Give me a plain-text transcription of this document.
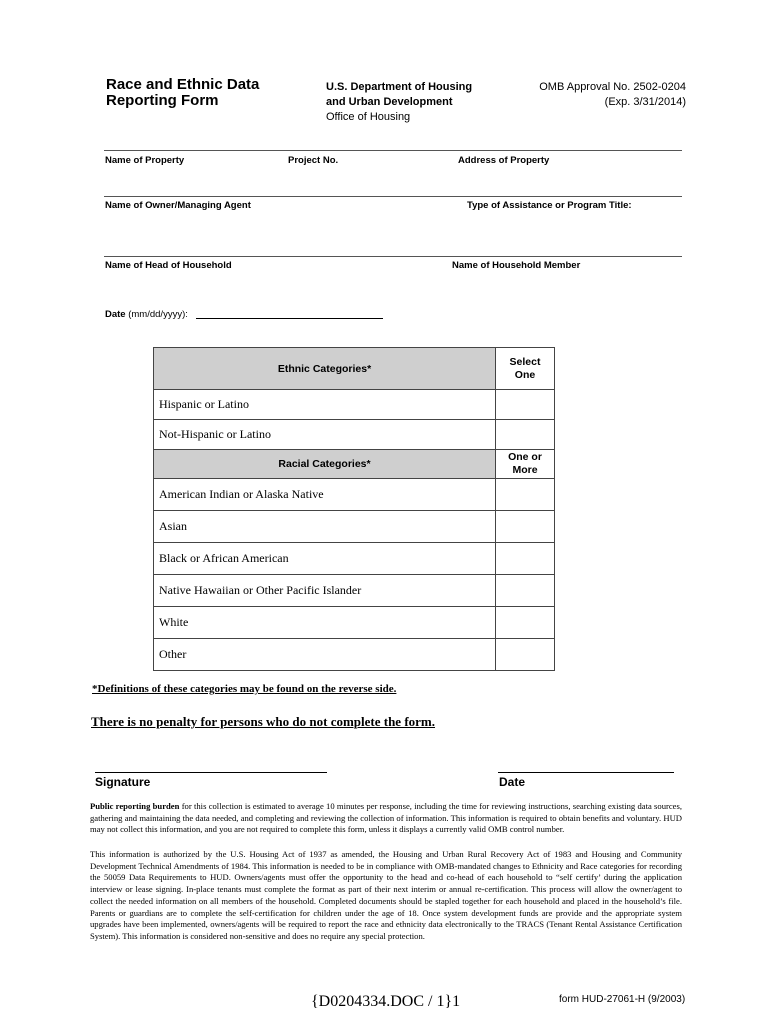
Race and Ethnic Data
Reporting Form
U.S. Department of Housing
and Urban Development
Office of Housing
OMB Approval No. 2502-0204
(Exp. 3/31/2014)
Name of Property	Project No.	Address of Property
Name of Owner/Managing Agent	Type of Assistance or Program Title:
Name of Head of Household	Name of Household Member
Date (mm/dd/yyyy):
Ethnic Categories*	Select
One

Hispanic or Latino	
Not-Hispanic or Latino	
Racial Categories*	One or
More

American Indian or Alaska Native	
Asian	
Black or African American	
Native Hawaiian or Other Pacific Islander	
White	
Other	
*Definitions of these categories may be found on the reverse side.
There is no penalty for persons who do not complete the form.
Signature	Date
Public reporting burden for this collection is estimated to average 10 minutes per response, including the time for reviewing instructions, searching existing data sources, gathering and maintaining the data needed, and completing and reviewing the collection of information. This information is required to obtain benefits and voluntary. HUD may not collect this information, and you are not required to complete this form, unless it displays a currently valid OMB control number.
This information is authorized by the U.S. Housing Act of 1937 as amended, the Housing and Urban Rural Recovery Act of 1983 and Housing and Community Development Technical Amendments of 1984. This information is needed to be in compliance with OMB-mandated changes to Ethnicity and Race categories for recording the 50059 Data Requirements to HUD. Owners/agents must offer the opportunity to the head and co-head of each household to “self certify’ during the application interview or lease signing. In-place tenants must complete the format as part of their next interim or annual re-certification. This process will allow the owner/agent to collect the needed information on all members of the household. Completed documents should be stapled together for each household and placed in the household’s file. Parents or guardians are to complete the self-certification for children under the age of 18. Once system development funds are provide and the appropriate system upgrades have been implemented, owners/agents will be required to report the race and ethnicity data electronically to the TRACS (Tenant Rental Assistance Certification System). This information is considered non-sensitive and does no require any special protection.
{D0204334.DOC / 1}1	form HUD-27061-H (9/2003)
